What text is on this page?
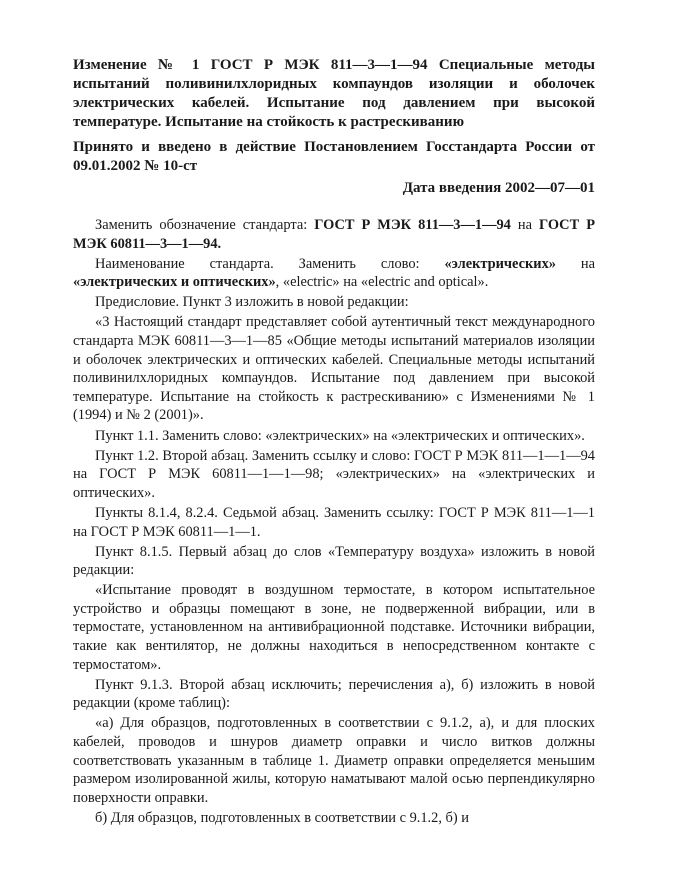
Изменение № 1 ГОСТ Р МЭК 811—3—1—94 Специальные методы испытаний поливинилхлоридных компаундов изоляции и оболочек электрических кабелей. Испытание под давлением при высокой температуре. Испытание на стойкость к растрескиванию

Принято и введено в действие Постановлением Госстандарта России от 09.01.2002 № 10-ст

Дата введения 2002—07—01

Заменить обозначение стандарта: ГОСТ Р МЭК 811—3—1—94 на ГОСТ Р МЭК 60811—3—1—94.

Наименование стандарта. Заменить слово: «электрических» на «электрических и оптических», «electric» на «electric and optical».

Предисловие. Пункт 3 изложить в новой редакции:

«3 Настоящий стандарт представляет собой аутентичный текст международного стандарта МЭК 60811—3—1—85 «Общие методы испытаний материалов изоляции и оболочек электрических и оптических кабелей. Специальные методы испытаний поливинилхлоридных компаундов. Испытание под давлением при высокой температуре. Испытание на стойкость к растрескиванию» с Изменениями № 1 (1994) и № 2 (2001)».

Пункт 1.1. Заменить слово: «электрических» на «электрических и оптических».

Пункт 1.2. Второй абзац. Заменить ссылку и слово: ГОСТ Р МЭК 811—1—1—94 на ГОСТ Р МЭК 60811—1—1—98; «электрических» на «электрических и оптических».

Пункты 8.1.4, 8.2.4. Седьмой абзац. Заменить ссылку: ГОСТ Р МЭК 811—1—1 на ГОСТ Р МЭК 60811—1—1.

Пункт 8.1.5. Первый абзац до слов «Температуру воздуха» изложить в новой редакции:

«Испытание проводят в воздушном термостате, в котором испытательное устройство и образцы помещают в зоне, не подверженной вибрации, или в термостате, установленном на антивибрационной подставке. Источники вибрации, такие как вентилятор, не должны находиться в непосредственном контакте с термостатом».

Пункт 9.1.3. Второй абзац исключить; перечисления а), б) изложить в новой редакции (кроме таблиц):

«а) Для образцов, подготовленных в соответствии с 9.1.2, а), и для плоских кабелей, проводов и шнуров диаметр оправки и число витков должны соответствовать указанным в таблице 1. Диаметр оправки определяется меньшим размером изолированной жилы, которую наматывают малой осью перпендикулярно поверхности оправки.

б) Для образцов, подготовленных в соответствии с 9.1.2, б) и
